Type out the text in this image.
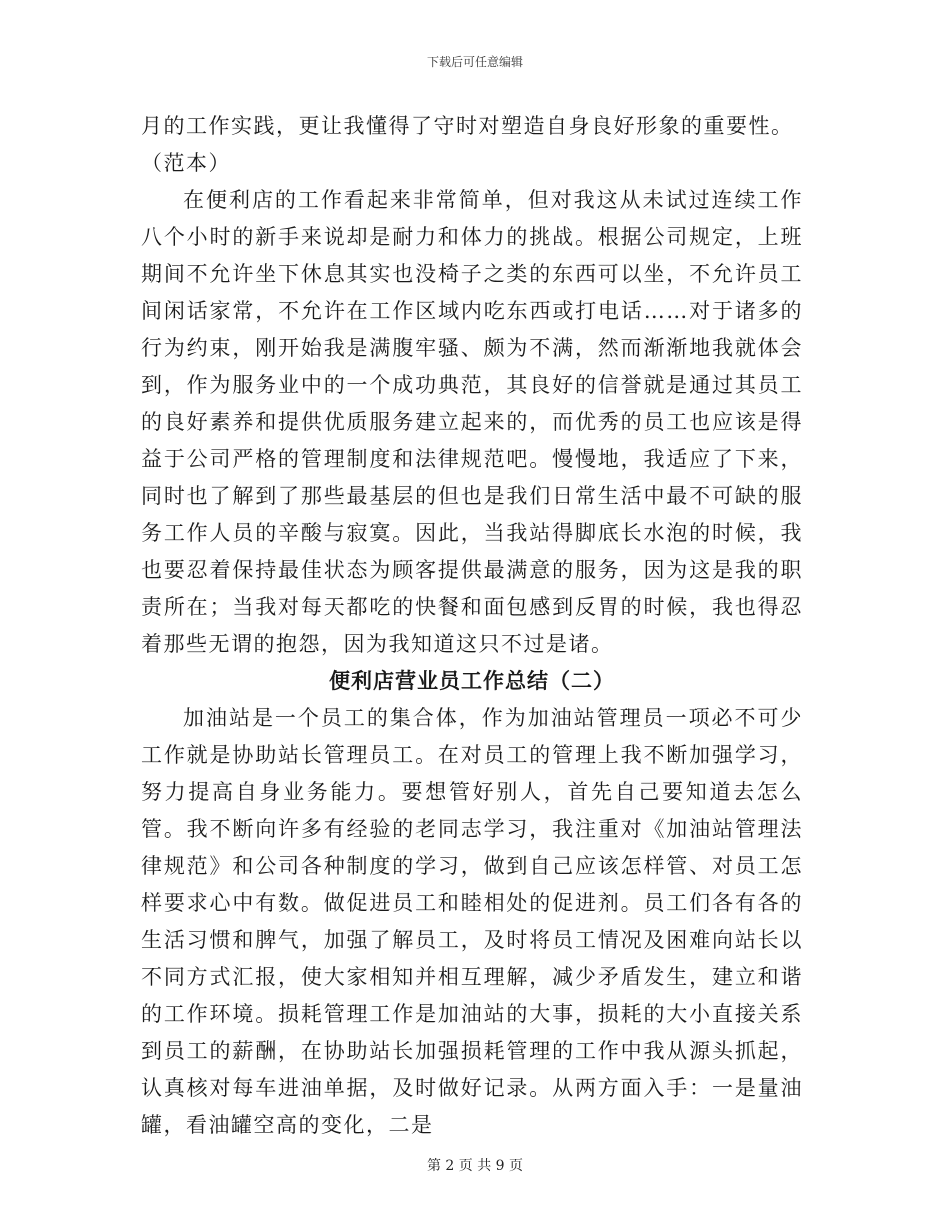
下载后可任意编辑

月的工作实践，更让我懂得了守时对塑造自身良好形象的重要性。

（范本）

在便利店的工作看起来非常简单，但对我这从未试过连续工作八个小时的新手来说却是耐力和体力的挑战。根据公司规定，上班期间不允许坐下休息其实也没椅子之类的东西可以坐，不允许员工间闲话家常，不允许在工作区域内吃东西或打电话……对于诸多的行为约束，刚开始我是满腹牢骚、颇为不满，然而渐渐地我就体会到，作为服务业中的一个成功典范，其良好的信誉就是通过其员工的良好素养和提供优质服务建立起来的，而优秀的员工也应该是得益于公司严格的管理制度和法律规范吧。慢慢地，我适应了下来，同时也了解到了那些最基层的但也是我们日常生活中最不可缺的服务工作人员的辛酸与寂寞。因此，当我站得脚底长水泡的时候，我也要忍着保持最佳状态为顾客提供最满意的服务，因为这是我的职责所在；当我对每天都吃的快餐和面包感到反胃的时候，我也得忍着那些无谓的抱怨，因为我知道这只不过是诸。

便利店营业员工作总结（二）

加油站是一个员工的集合体，作为加油站管理员一项必不可少工作就是协助站长管理员工。在对员工的管理上我不断加强学习，努力提高自身业务能力。要想管好别人，首先自己要知道去怎么管。我不断向许多有经验的老同志学习，我注重对《加油站管理法律规范》和公司各种制度的学习，做到自己应该怎样管、对员工怎样要求心中有数。做促进员工和睦相处的促进剂。员工们各有各的生活习惯和脾气，加强了解员工，及时将员工情况及困难向站长以不同方式汇报，使大家相知并相互理解，减少矛盾发生，建立和谐的工作环境。损耗管理工作是加油站的大事，损耗的大小直接关系到员工的薪酬，在协助站长加强损耗管理的工作中我从源头抓起，认真核对每车进油单据，及时做好记录。从两方面入手：一是量油罐，看油罐空高的变化，二是

第 2 页 共 9 页
